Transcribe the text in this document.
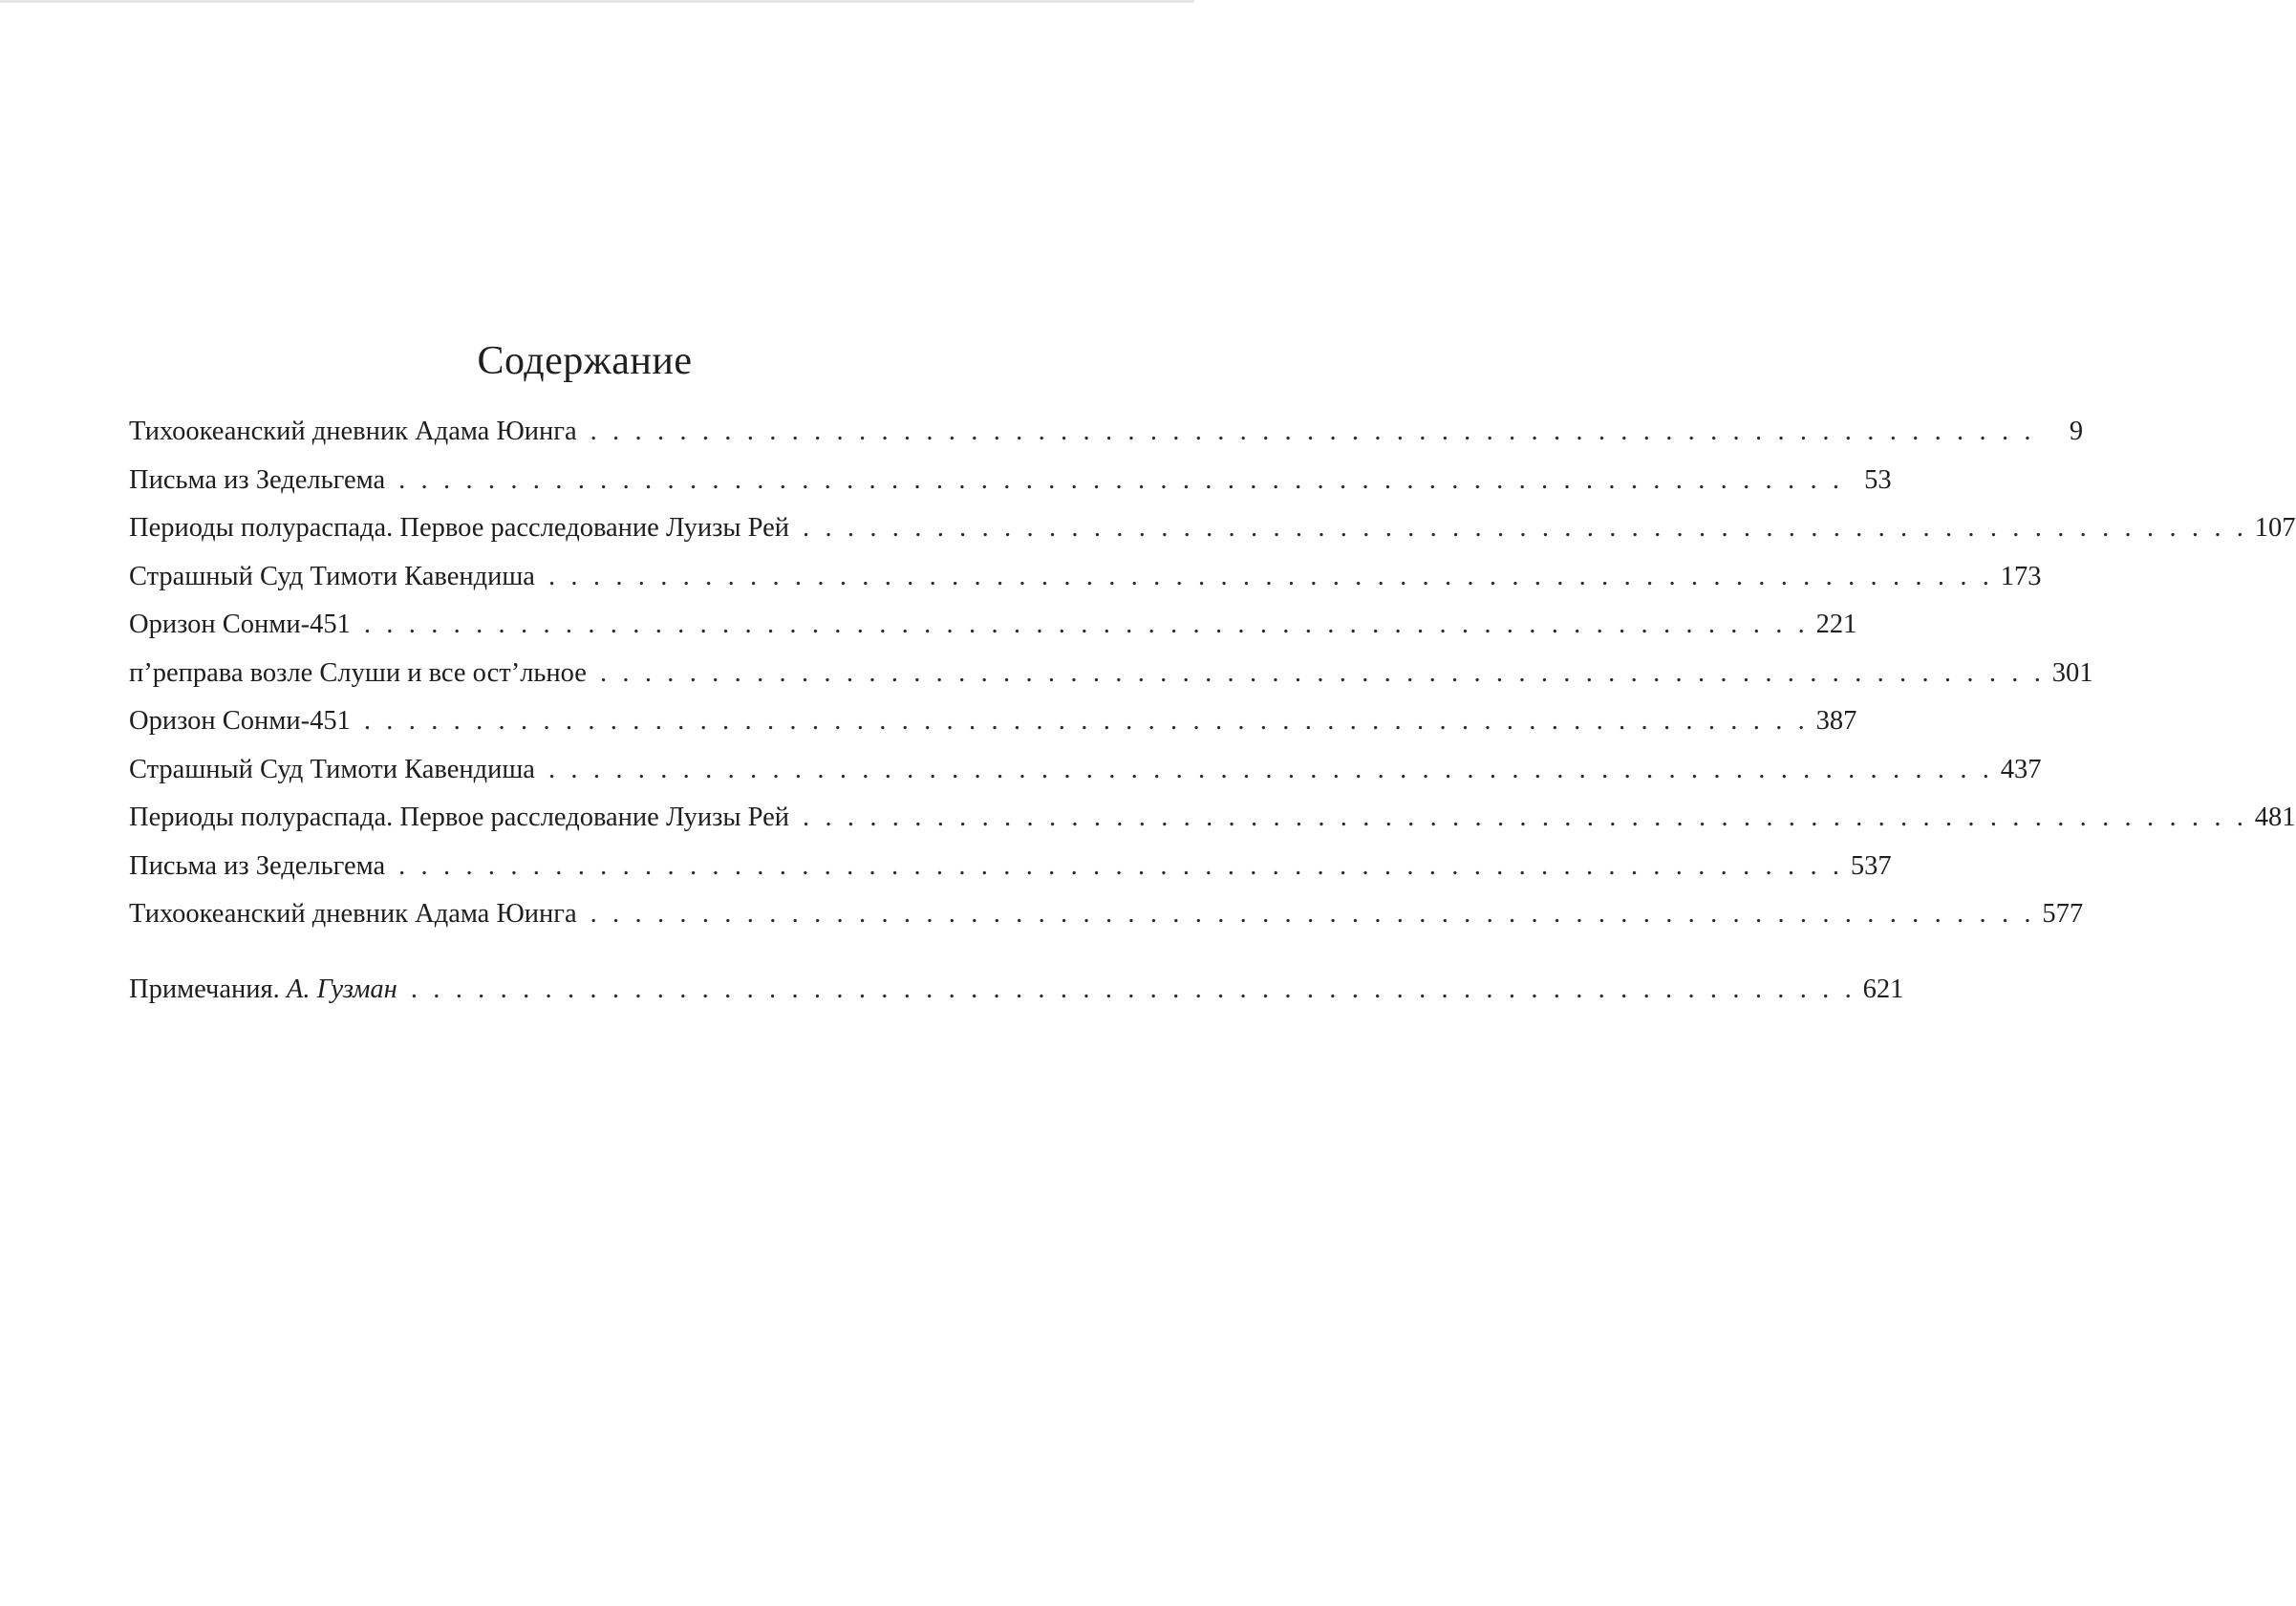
Содержание
Тихоокеанский дневник Адама Юинга . . . . . . . . . . . . . . . . . . . . . . . . . . . . . . . . . . . . . . . . . . . . . . . . . . . . . . . . . . . . . . . . .	9
Письма из Зедельгема . . . . . . . . . . . . . . . . . . . . . . . . . . . . . . . . . . . . . . . . . . . . . . . . . . . . . . . . . . . . . . . . . 53
Периоды полураспада. Первое расследование Луизы Рей . . . . . . . . . . . . . . . . . . . . . . . . . . . . . . . . . . . . . . . . . . . . . . . . . . . . . . . . . . . . . . . . . 107
Страшный Суд Тимоти Кавендиша . . . . . . . . . . . . . . . . . . . . . . . . . . . . . . . . . . . . . . . . . . . . . . . . . . . . . . . . . . . . . . . . . 173
Оризон Сонми-451 . . . . . . . . . . . . . . . . . . . . . . . . . . . . . . . . . . . . . . . . . . . . . . . . . . . . . . . . . . . . . . . . . 221
п’реправа возле Слуши и все ост’льное . . . . . . . . . . . . . . . . . . . . . . . . . . . . . . . . . . . . . . . . . . . . . . . . . . . . . . . . . . . . . . . . . 301
Оризон Сонми-451 . . . . . . . . . . . . . . . . . . . . . . . . . . . . . . . . . . . . . . . . . . . . . . . . . . . . . . . . . . . . . . . . . 387
Страшный Суд Тимоти Кавендиша . . . . . . . . . . . . . . . . . . . . . . . . . . . . . . . . . . . . . . . . . . . . . . . . . . . . . . . . . . . . . . . . . 437
Периоды полураспада. Первое расследование Луизы Рей . . . . . . . . . . . . . . . . . . . . . . . . . . . . . . . . . . . . . . . . . . . . . . . . . . . . . . . . . . . . . . . . . 481
Письма из Зедельгема . . . . . . . . . . . . . . . . . . . . . . . . . . . . . . . . . . . . . . . . . . . . . . . . . . . . . . . . . . . . . . . . . 537
Тихоокеанский дневник Адама Юинга . . . . . . . . . . . . . . . . . . . . . . . . . . . . . . . . . . . . . . . . . . . . . . . . . . . . . . . . . . . . . . . . . 577
Примечания. А. Гузман . . . . . . . . . . . . . . . . . . . . . . . . . . . . . . . . . . . . . . . . . . . . . . . . . . . . . . . . . . . . . . . . . 621
